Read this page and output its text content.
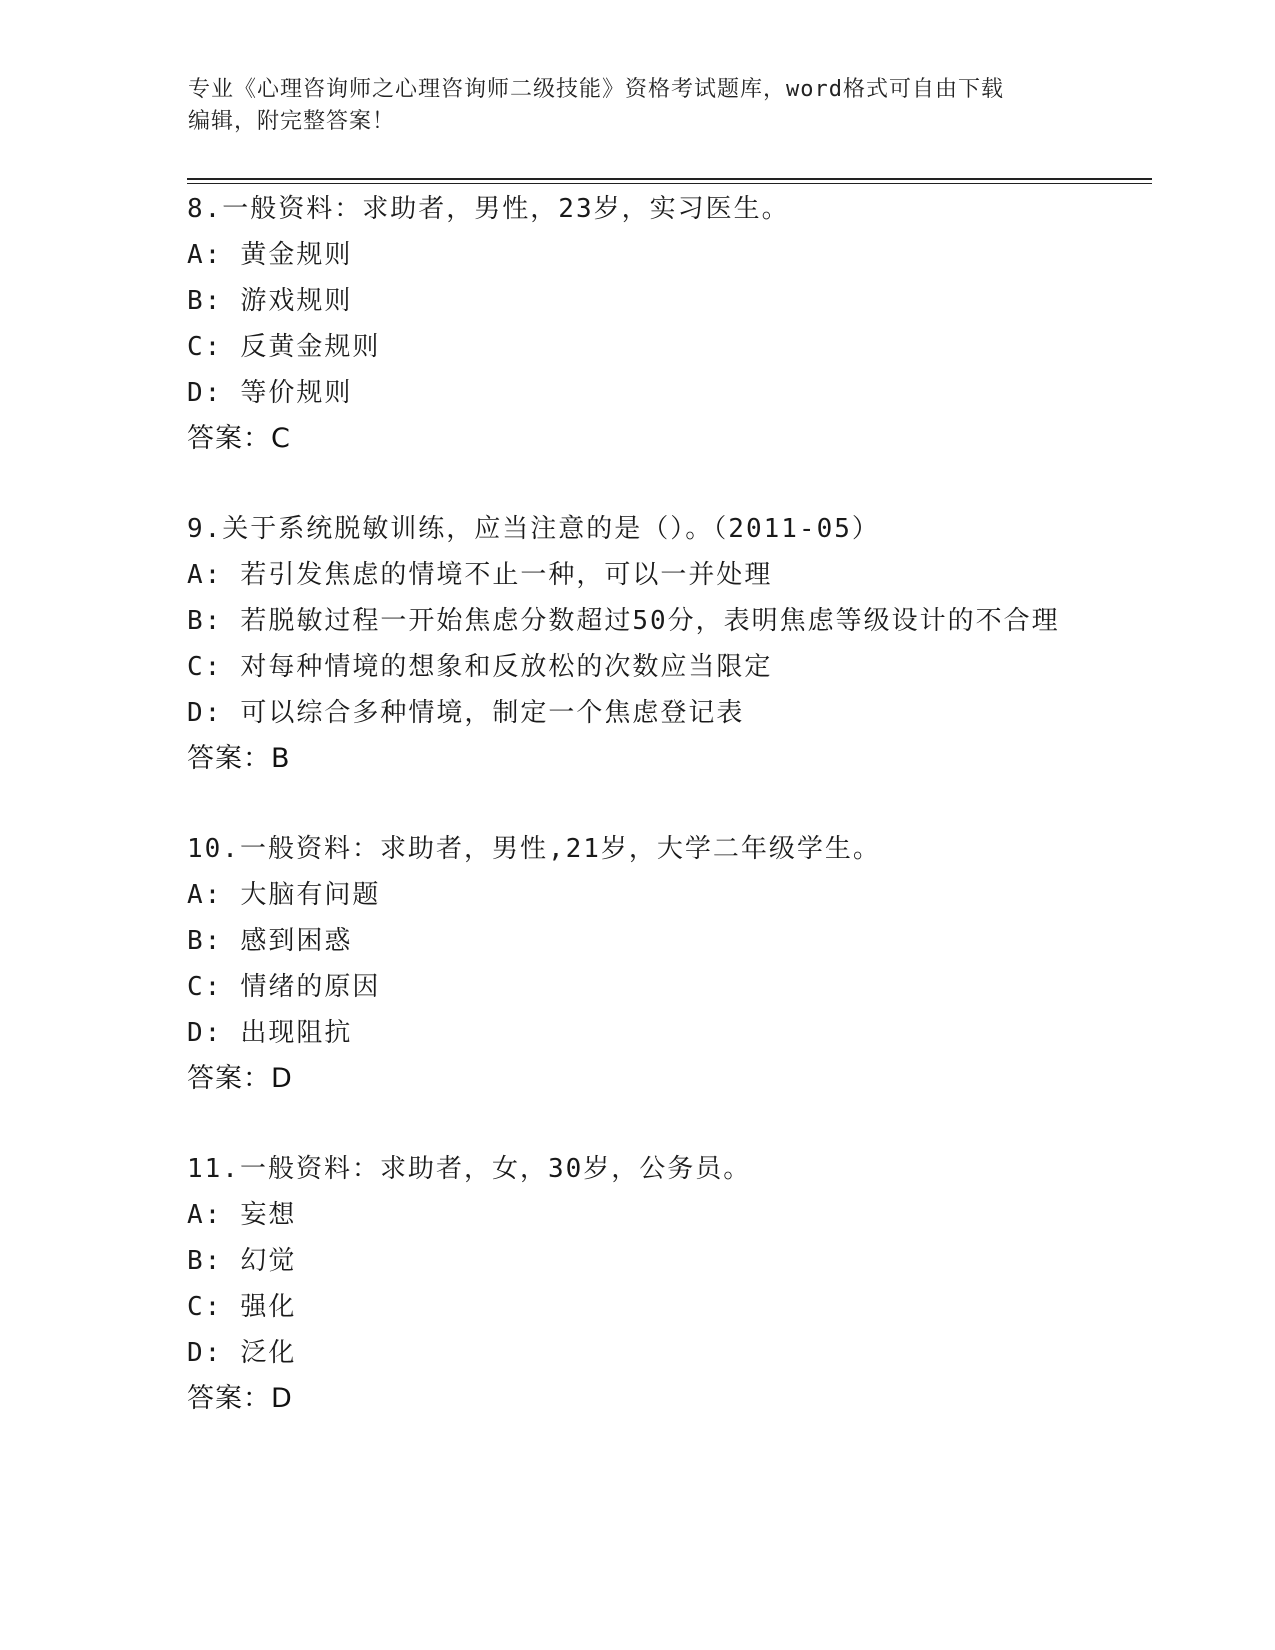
专业《心理咨询师之心理咨询师二级技能》资格考试题库，word格式可自由下载
编辑，附完整答案！
8.一般资料：求助者，男性，23岁，实习医生。
A: 黄金规则
B: 游戏规则
C: 反黄金规则
D: 等价规则
答案：C
9.关于系统脱敏训练，应当注意的是（）。（2011-05）
A: 若引发焦虑的情境不止一种，可以一并处理
B: 若脱敏过程一开始焦虑分数超过50分，表明焦虑等级设计的不合理
C: 对每种情境的想象和反放松的次数应当限定
D: 可以综合多种情境，制定一个焦虑登记表
答案：B
10.一般资料：求助者，男性,21岁，大学二年级学生。
A: 大脑有问题
B: 感到困惑
C: 情绪的原因
D: 出现阻抗
答案：D
11.一般资料：求助者，女，30岁，公务员。
A: 妄想
B: 幻觉
C: 强化
D: 泛化
答案：D
